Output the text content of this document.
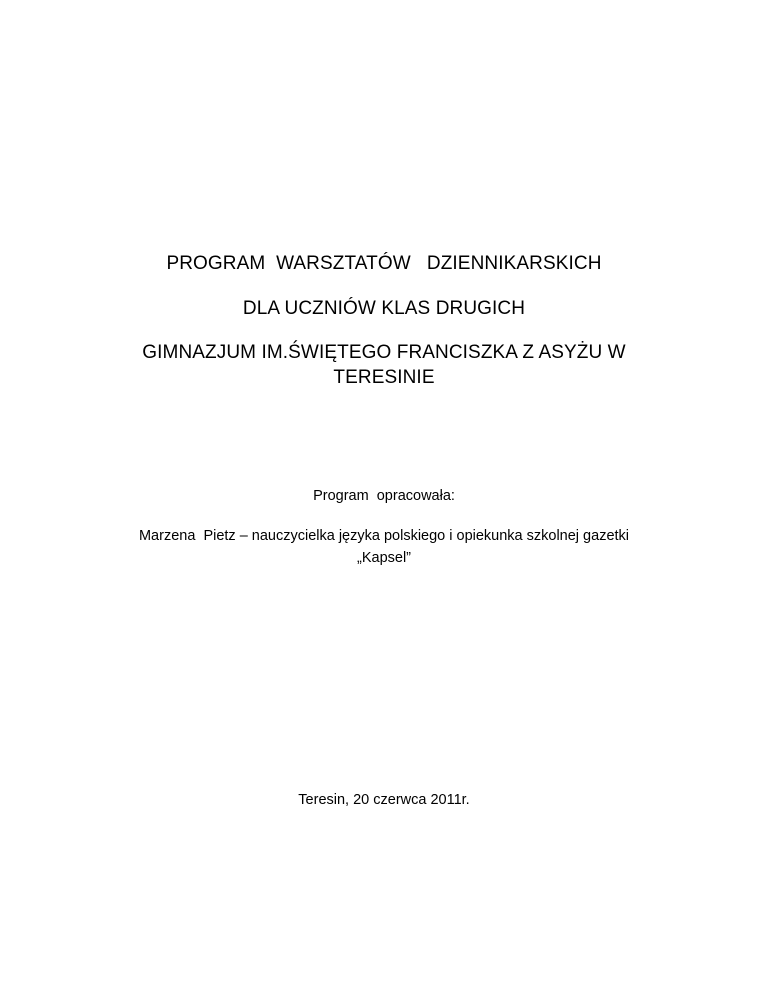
PROGRAM  WARSZTATÓW   DZIENNIKARSKICH
DLA UCZNIÓW KLAS DRUGICH
GIMNAZJUM IM.ŚWIĘTEGO FRANCISZKA Z ASYŻU W
TERESINIE
Program  opracowała:
Marzena  Pietz – nauczycielka języka polskiego i opiekunka szkolnej gazetki
„Kapsel”
Teresin, 20 czerwca 2011r.
